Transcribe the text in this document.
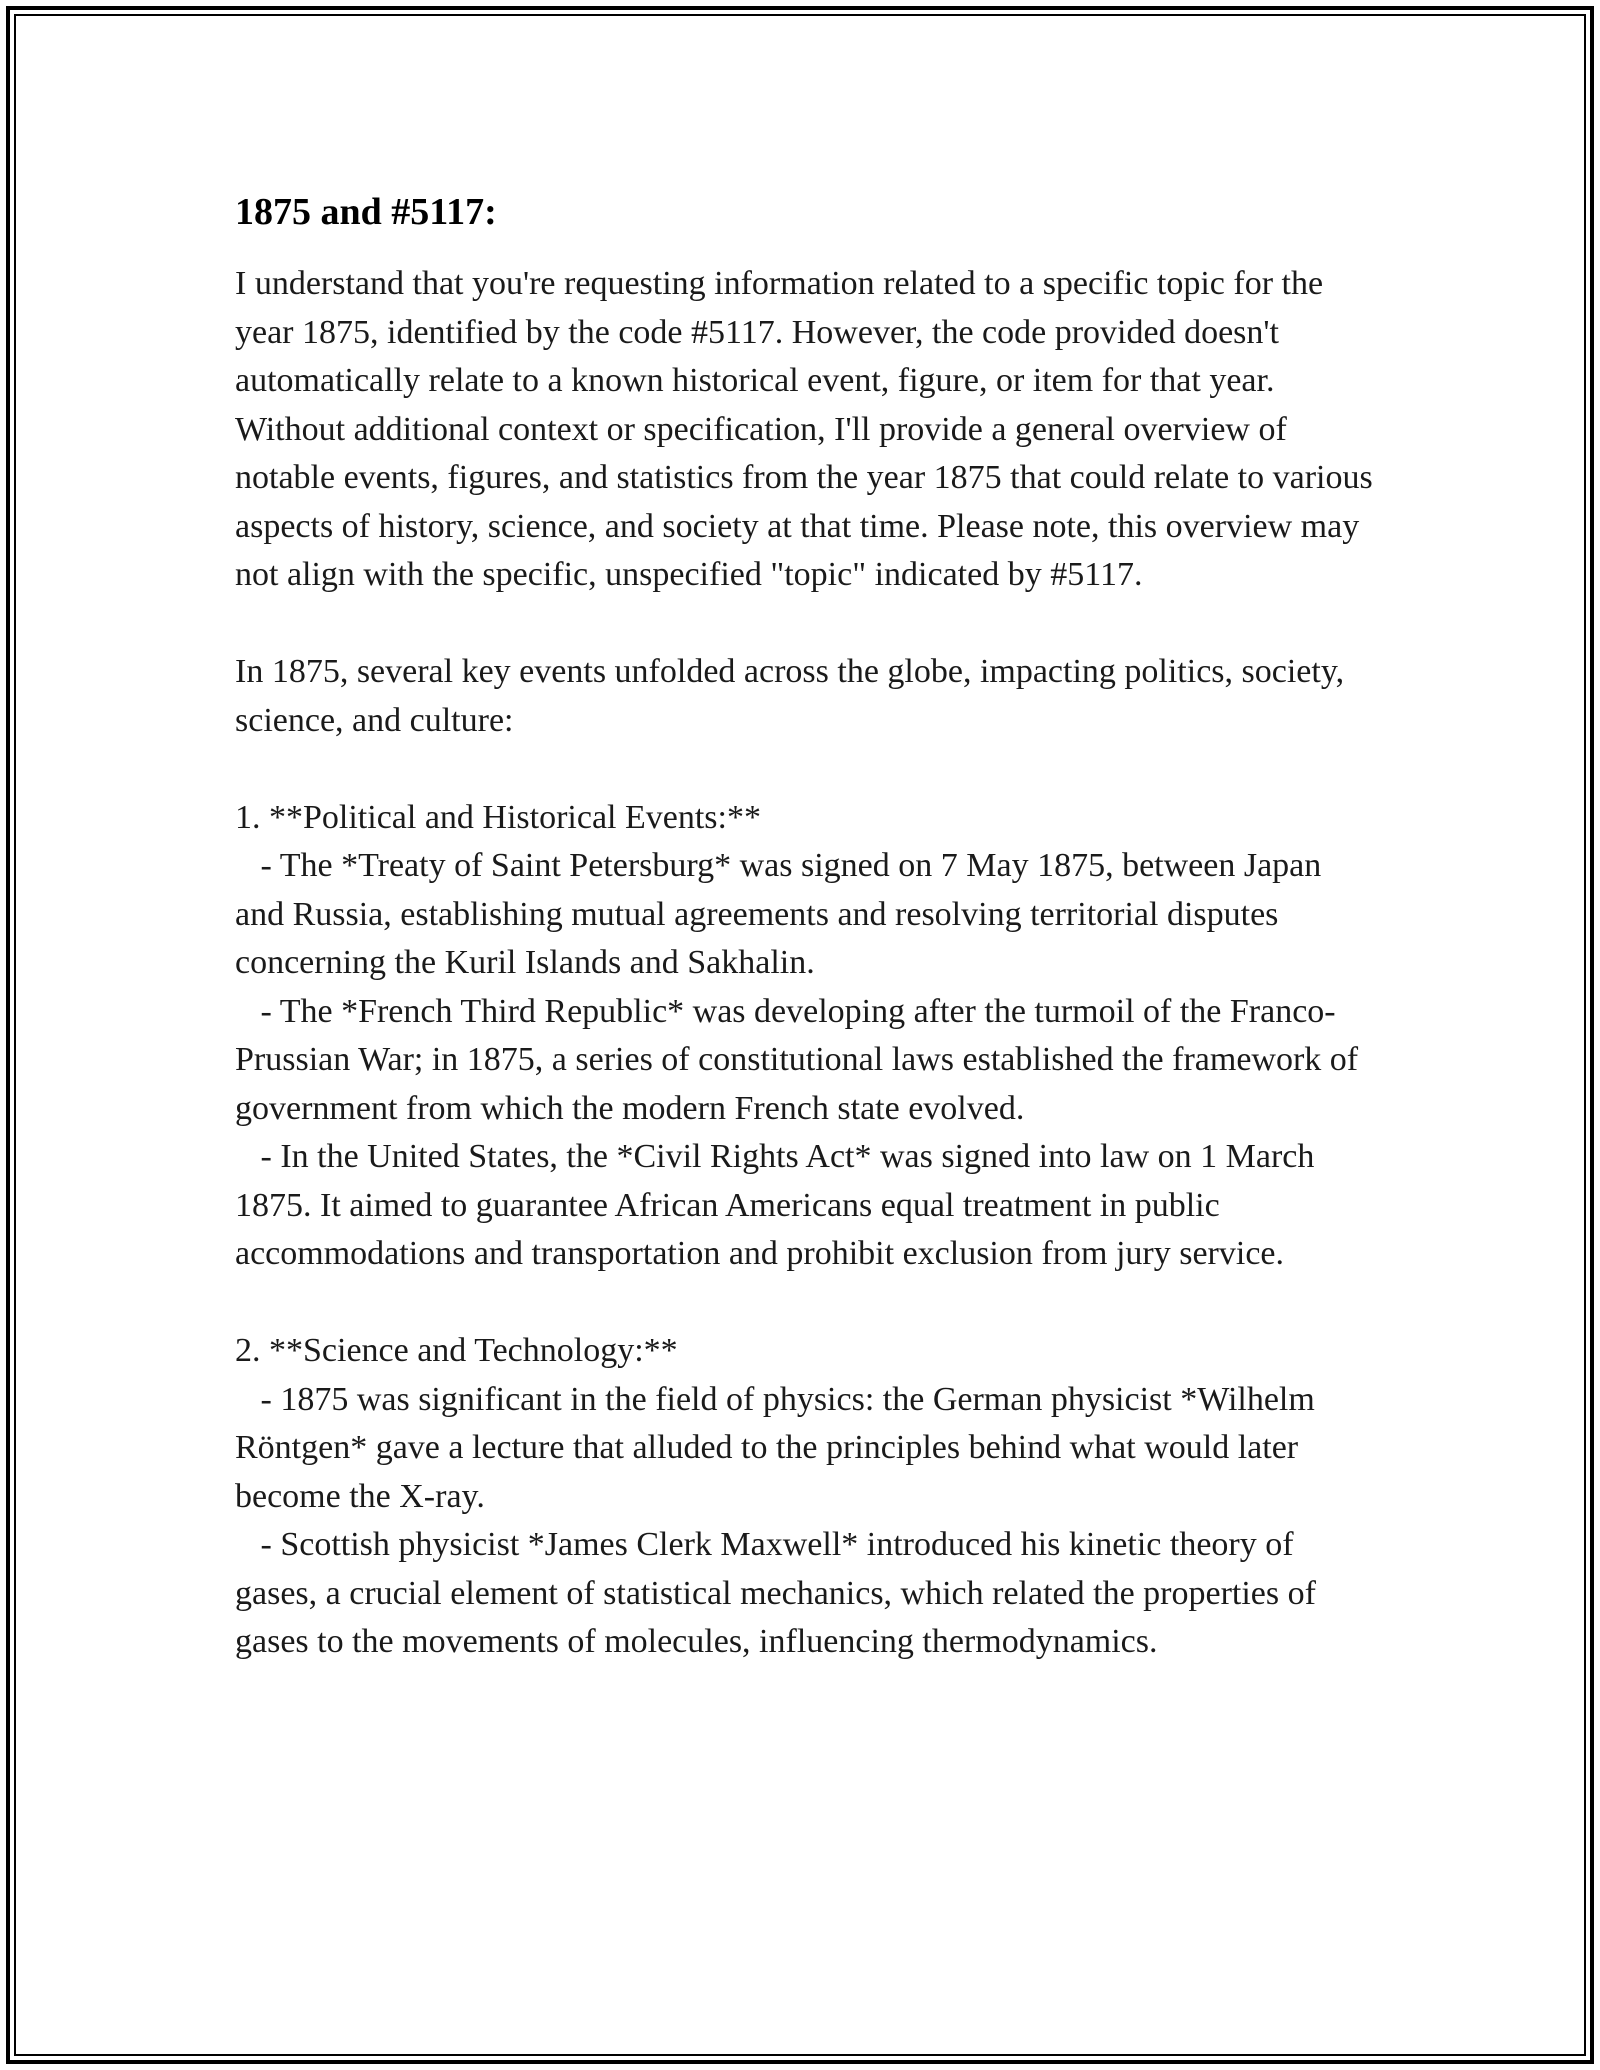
1875 and #5117:

I understand that you're requesting information related to a specific topic for the year 1875, identified by the code #5117. However, the code provided doesn't automatically relate to a known historical event, figure, or item for that year. Without additional context or specification, I'll provide a general overview of notable events, figures, and statistics from the year 1875 that could relate to various aspects of history, science, and society at that time. Please note, this overview may not align with the specific, unspecified "topic" indicated by #5117.

In 1875, several key events unfolded across the globe, impacting politics, society, science, and culture:

1. **Political and Historical Events:**
- The *Treaty of Saint Petersburg* was signed on 7 May 1875, between Japan and Russia, establishing mutual agreements and resolving territorial disputes concerning the Kuril Islands and Sakhalin.
- The *French Third Republic* was developing after the turmoil of the Franco-Prussian War; in 1875, a series of constitutional laws established the framework of government from which the modern French state evolved.
- In the United States, the *Civil Rights Act* was signed into law on 1 March 1875. It aimed to guarantee African Americans equal treatment in public accommodations and transportation and prohibit exclusion from jury service.

2. **Science and Technology:**
- 1875 was significant in the field of physics: the German physicist *Wilhelm Röntgen* gave a lecture that alluded to the principles behind what would later become the X-ray.
- Scottish physicist *James Clerk Maxwell* introduced his kinetic theory of gases, a crucial element of statistical mechanics, which related the properties of gases to the movements of molecules, influencing thermodynamics.
